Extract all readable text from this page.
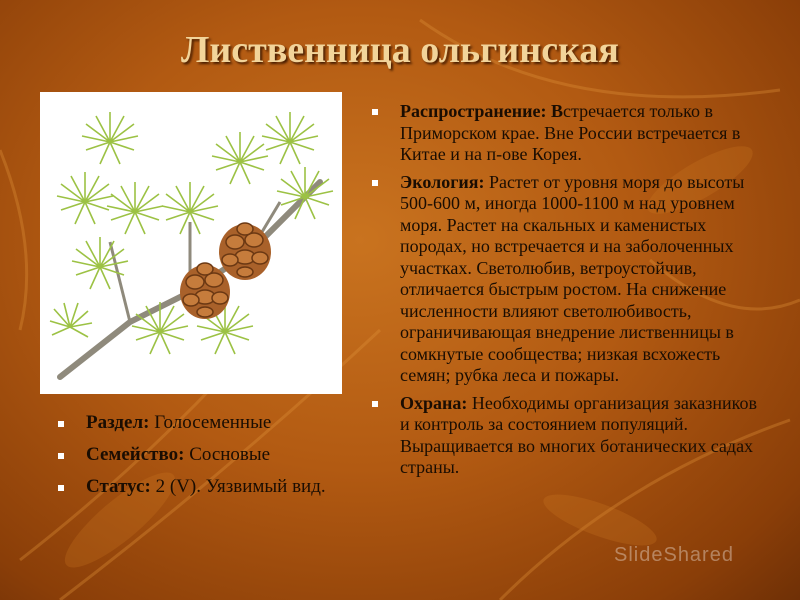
Лиственница ольгинская
Раздел: Голосеменные
Семейство: Сосновые
Статус: 2 (V). Уязвимый вид.
Распространение: Встречается только в Приморском крае. Вне России встречается в Китае и на п-ове Корея.
Экология: Растет от уровня моря до высоты 500-600 м, иногда 1000-1100 м над уровнем моря. Растет на скальных и каменистых породах, но встречается и на заболоченных участках. Светолюбив, ветроустойчив, отличается быстрым ростом. На снижение численности влияют светолюбивость, ограничивающая внедрение лиственницы в сомкнутые сообщества; низкая всхожесть семян; рубка леса и пожары.
Охрана: Необходимы организация заказников и контроль за состоянием популяций. Выращивается во многих ботанических садах страны.
SlideShared
